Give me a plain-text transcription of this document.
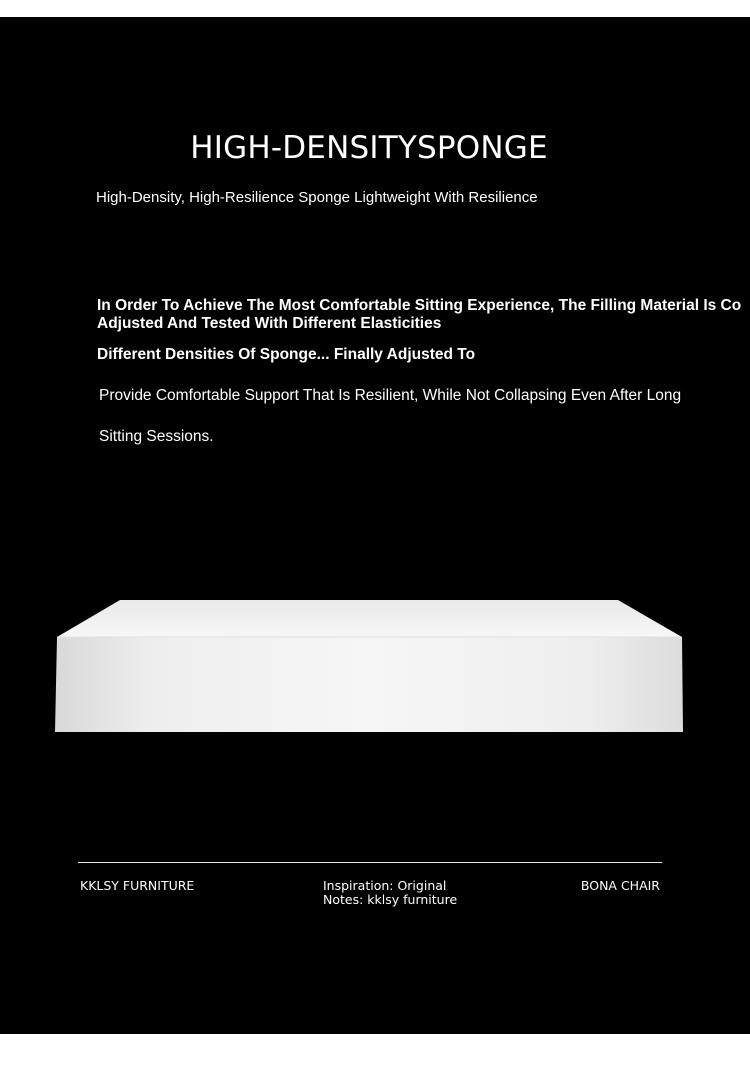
HIGH-DENSITYSPONGE
High-Density, High-Resilience Sponge Lightweight With Resilience
In Order To Achieve The Most Comfortable Sitting Experience, The Filling Material Is Co
Adjusted And Tested With Different Elasticities
Different Densities Of Sponge... Finally Adjusted To
Provide Comfortable Support That Is Resilient, While Not Collapsing Even After Long
Sitting Sessions.
KKLSY FURNITURE	Inspiration: Original
Notes: kklsy furniture
BONA CHAIR
